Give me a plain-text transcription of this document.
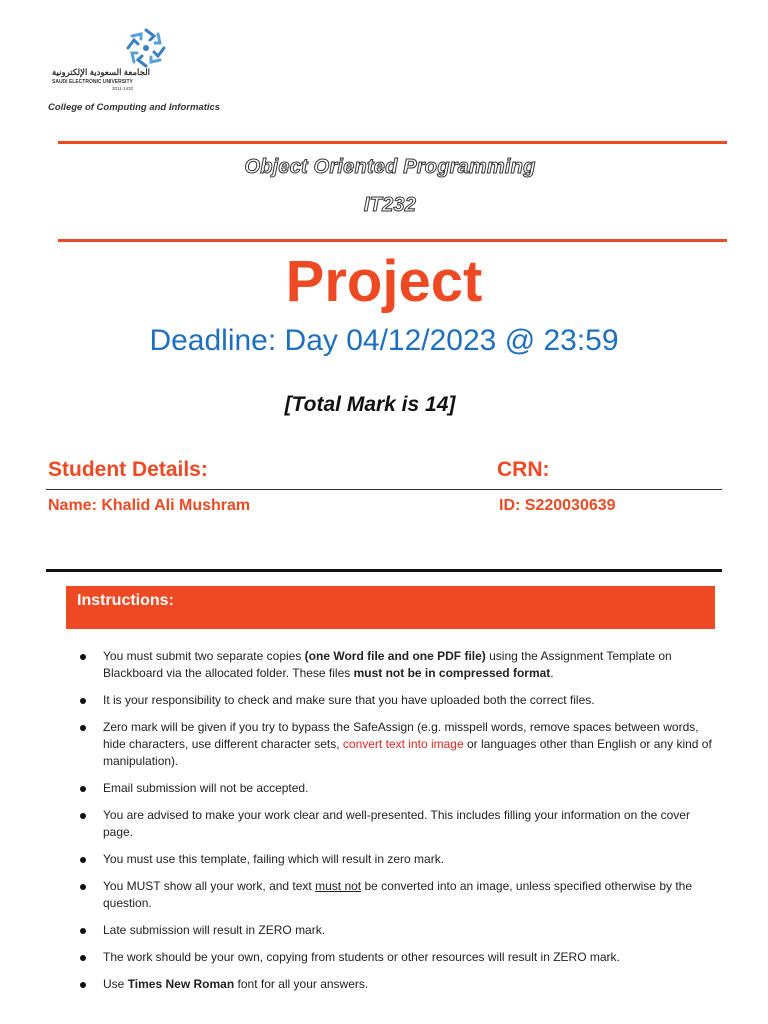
الجامعة السعودية الإلكترونية
SAUDI ELECTRONIC UNIVERSITY
2011-1432
College of Computing and Informatics
Object Oriented Programming
IT232
Project
Deadline: Day 04/12/2023 @ 23:59
[Total Mark is 14]
Student Details:	CRN:
Name: Khalid Ali Mushram	ID: S220030639
Instructions:
You must submit two separate copies (one Word file and one PDF file) using the Assignment Template on Blackboard via the allocated folder. These files must not be in compressed format.
It is your responsibility to check and make sure that you have uploaded both the correct files.
Zero mark will be given if you try to bypass the SafeAssign (e.g. misspell words, remove spaces between words, hide characters, use different character sets, convert text into image or languages other than English or any kind of manipulation).
Email submission will not be accepted.
You are advised to make your work clear and well-presented. This includes filling your information on the cover page.
You must use this template, failing which will result in zero mark.
You MUST show all your work, and text must not be converted into an image, unless specified otherwise by the question.
Late submission will result in ZERO mark.
The work should be your own, copying from students or other resources will result in ZERO mark.
Use Times New Roman font for all your answers.
